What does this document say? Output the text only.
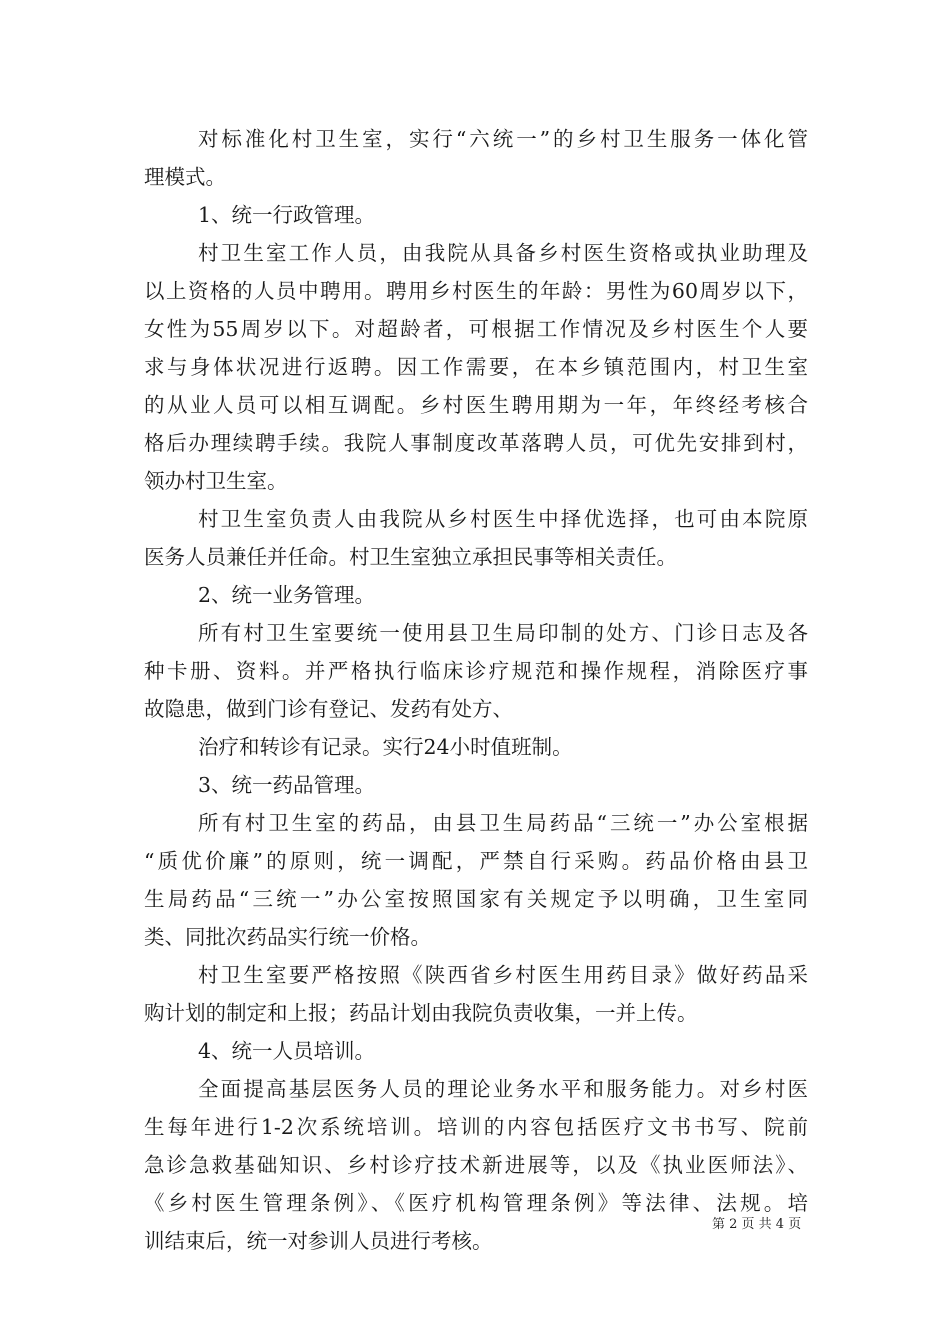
对标准化村卫生室，实行“六统一”的乡村卫生服务一体化管
理模式。
1、统一行政管理。
村卫生室工作人员，由我院从具备乡村医生资格或执业助理及
以上资格的人员中聘用。聘用乡村医生的年龄：男性为60周岁以下，
女性为55周岁以下。对超龄者，可根据工作情况及乡村医生个人要
求与身体状况进行返聘。因工作需要，在本乡镇范围内，村卫生室
的从业人员可以相互调配。乡村医生聘用期为一年，年终经考核合
格后办理续聘手续。我院人事制度改革落聘人员，可优先安排到村，
领办村卫生室。
村卫生室负责人由我院从乡村医生中择优选择，也可由本院原
医务人员兼任并任命。村卫生室独立承担民事等相关责任。
2、统一业务管理。
所有村卫生室要统一使用县卫生局印制的处方、门诊日志及各
种卡册、资料。并严格执行临床诊疗规范和操作规程，消除医疗事
故隐患，做到门诊有登记、发药有处方、
治疗和转诊有记录。实行24小时值班制。
3、统一药品管理。
所有村卫生室的药品，由县卫生局药品“三统一”办公室根据
“质优价廉”的原则，统一调配，严禁自行采购。药品价格由县卫
生局药品“三统一”办公室按照国家有关规定予以明确，卫生室同
类、同批次药品实行统一价格。
村卫生室要严格按照《陕西省乡村医生用药目录》做好药品采
购计划的制定和上报；药品计划由我院负责收集，一并上传。
4、统一人员培训。
全面提高基层医务人员的理论业务水平和服务能力。对乡村医
生每年进行1-2次系统培训。培训的内容包括医疗文书书写、院前
急诊急救基础知识、乡村诊疗技术新进展等，以及《执业医师法》、
《乡村医生管理条例》、《医疗机构管理条例》等法律、法规。培
训结束后，统一对参训人员进行考核。
第 2 页 共 4 页
